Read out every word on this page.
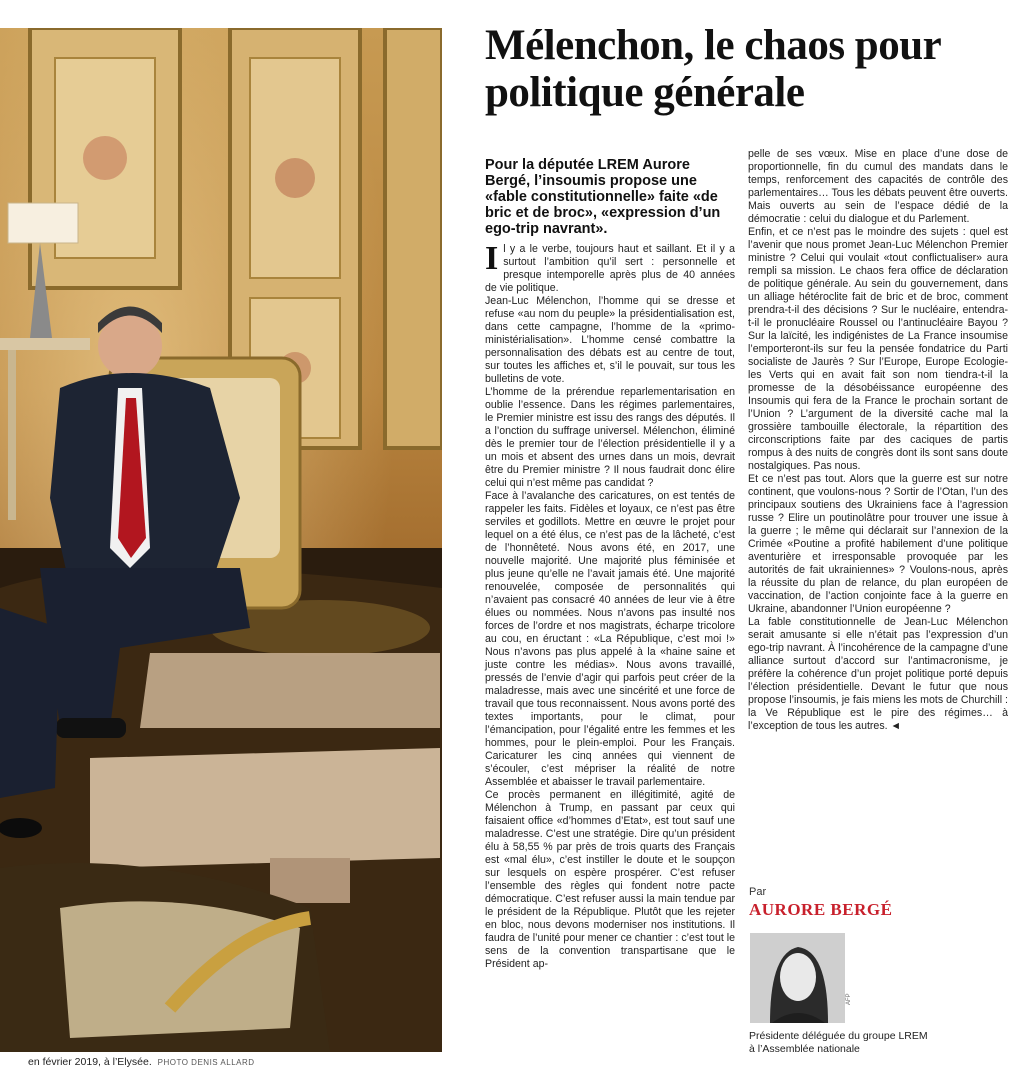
en février 2019, à l’Elysée. PHOTO DENIS ALLARD
Mélenchon, le chaos pour politique générale
Pour la députée LREM Aurore Bergé, l’insoumis propose une «fable constitutionnelle» faite «de bric et de broc», «expression d’un ego-trip navrant».
I l y a le verbe, toujours haut et saillant. Et il y a surtout l’ambition qu’il sert : personnelle et presque intemporelle après plus de 40 années de vie politique.

Jean-Luc Mélenchon, l’homme qui se dresse et refuse «au nom du peuple» la présidentialisation est, dans cette campagne, l’homme de la «primo-ministérialisation». L’homme censé combattre la personnalisation des débats est au centre de tout, sur toutes les affiches et, s’il le pouvait, sur tous les bulletins de vote.

L’homme de la prérendue reparlementarisation en oublie l’essence. Dans les régimes parlementaires, le Premier ministre est issu des rangs des députés. Il a l’onction du suffrage universel. Mélenchon, éliminé dès le premier tour de l’élection présidentielle il y a un mois et absent des urnes dans un mois, devrait être du Premier ministre ? Il nous faudrait donc élire celui qui n’est même pas candidat ?

Face à l’avalanche des caricatures, on est tentés de rappeler les faits. Fidèles et loyaux, ce n’est pas être serviles et godillots. Mettre en œuvre le projet pour lequel on a été élus, ce n’est pas de la lâcheté, c’est de l’honnêteté. Nous avons été, en 2017, une nouvelle majorité. Une majorité plus féminisée et plus jeune qu’elle ne l’avait jamais été. Une majorité renouvelée, composée de personnalités qui n’avaient pas consacré 40 années de leur vie à être élues ou nommées. Nous n’avons pas insulté nos forces de l’ordre et nos magistrats, écharpe tricolore au cou, en éructant : «La République, c’est moi !» Nous n’avons pas plus appelé à la «haine saine et juste contre les médias». Nous avons travaillé, pressés de l’envie d’agir qui parfois peut créer de la maladresse, mais avec une sincérité et une force de travail que tous reconnaissent. Nous avons porté des textes importants, pour le climat, pour l’émancipation, pour l’égalité entre les femmes et les hommes, pour le plein-emploi. Pour les Français. Caricaturer les cinq années qui viennent de s’écouler, c’est mépriser la réalité de notre Assemblée et abaisser le travail parlementaire.

Ce procès permanent en illégitimité, agité de Mélenchon à Trump, en passant par ceux qui faisaient office «d’hommes d’Etat», est tout sauf une maladresse. C’est une stratégie. Dire qu’un président élu à 58,55 % par près de trois quarts des Français est «mal élu», c’est instiller le doute et le soupçon sur lesquels on espère prospérer. C’est refuser l’ensemble des règles qui fondent notre pacte démocratique. C’est refuser aussi la main tendue par le président de la République. Plutôt que les rejeter en bloc, nous devons moderniser nos institutions. Il faudra de l’unité pour mener ce chantier : c’est tout le sens de la convention transpartisane que le Président ap-

pelle de ses vœux. Mise en place d’une dose de proportionnelle, fin du cumul des mandats dans le temps, renforcement des capacités de contrôle des parlementaires… Tous les débats peuvent être ouverts. Mais ouverts au sein de l’espace dédié de la démocratie : celui du dialogue et du Parlement.

Enfin, et ce n’est pas le moindre des sujets : quel est l’avenir que nous promet Jean-Luc Mélenchon Premier ministre ? Celui qui voulait «tout conflictualiser» aura rempli sa mission. Le chaos fera office de déclaration de politique générale. Au sein du gouvernement, dans un alliage hétéroclite fait de bric et de broc, comment prendra-t-il des décisions ? Sur le nucléaire, entendra-t-il le pronucléaire Roussel ou l’antinucléaire Bayou ? Sur la laïcité, les indigénistes de La France insoumise l’emporteront-ils sur feu la pensée fondatrice du Parti socialiste de Jaurès ? Sur l’Europe, Europe Ecologie-les Verts qui en avait fait son nom tiendra-t-il la promesse de la désobéissance européenne des Insoumis qui fera de la France le prochain sortant de l’Union ? L’argument de la diversité cache mal la grossière tambouille électorale, la répartition des circonscriptions faite par des caciques de partis rompus à des nuits de congrès dont ils sont sans doute nostalgiques. Pas nous.

Et ce n’est pas tout. Alors que la guerre est sur notre continent, que voulons-nous ? Sortir de l’Otan, l’un des principaux soutiens des Ukrainiens face à l’agression russe ? Elire un poutinolâtre pour trouver une issue à la guerre ; le même qui déclarait sur l’annexion de la Crimée «Poutine a profité habilement d’une politique aventurière et irresponsable provoquée par les autorités de fait ukrainiennes» ? Voulons-nous, après la réussite du plan de relance, du plan européen de vaccination, de l’action conjointe face à la guerre en Ukraine, abandonner l’Union européenne ?

La fable constitutionnelle de Jean-Luc Mélenchon serait amusante si elle n’était pas l’expression d’un ego-trip navrant. À l’incohérence de la campagne d’une alliance surtout d’accord sur l’antimacronisme, je préfère la cohérence d’un projet politique porté depuis l’élection présidentielle. Devant le futur que nous propose l’insoumis, je fais miens les mots de Churchill : la Ve République est le pire des régimes… à l’exception de tous les autres. ◄

Par
AURORE BERGÉ
AFP
Présidente déléguée du groupe LREM à l’Assemblée nationale
